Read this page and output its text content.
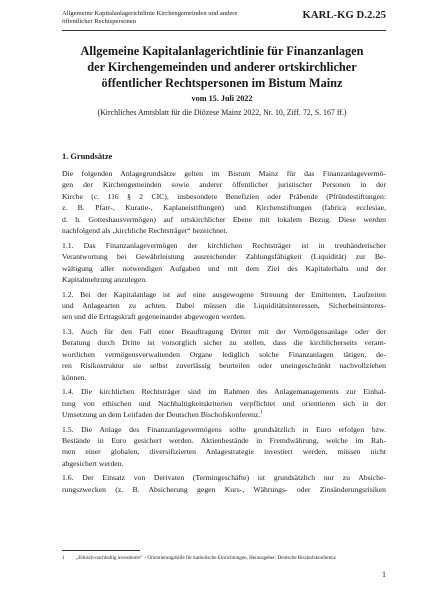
Allgemeine Kapitalanlagerichtlinie Kirchengemeinden und andere
öffentlicher Rechtspersonen
KARL-KG D.2.25
Allgemeine Kapitalanlagerichtlinie für Finanzanlagen
der Kirchengemeinden und anderer ortskirchlicher
öffentlicher Rechtspersonen im Bistum Mainz
vom 15. Juli 2022
(Kirchliches Amtsblatt für die Diözese Mainz 2022, Nr. 10, Ziff. 72, S. 167 ff.)
1. Grundsätze

Die folgenden Anlagegrundsätze gelten im Bistum Mainz für das Finanzanlagevermö-
gen der Kirchengemeinden sowie anderer öffentlicher juristischer Personen in der
Kirche (c. 116 § 2 CIC), insbesondere Benefizien oder Präbende (Pfründestiftungen:
z. B. Pfarr-, Kuratie-, Kaplaneistiftungen) und Kirchenstiftungen (fabrica ecclesiae,
d. h. Gotteshausvermögen) auf ortskirchlicher Ebene mit lokalem Bezug. Diese werden
nachfolgend als „kirchliche Rechtsträger“ bezeichnet.

1.1. Das Finanzanlagevermögen der kirchlichen Rechtsträger ist in treuhänderischer
Verantwortung bei Gewährleistung ausreichender Zahlungsfähigkeit (Liquidität) zur Be-
wältigung aller notwendigen Aufgaben und mit dem Ziel des Kapitalerhalts und der
Kapitalmehrung anzulegen.

1.2. Bei der Kapitalanlage ist auf eine ausgewogene Streuung der Emittenten, Laufzeiten
und Anlagearten zu achten. Dabei müssen die Liquiditätsinteressen, Sicherheitsinteres-
sen und die Ertragskraft gegeneinander abgewogen werden.

1.3. Auch für den Fall einer Beauftragung Dritter mit der Vermögensanlage oder der
Beratung durch Dritte ist vorsorglich sicher zu stellen, dass die kirchlicherseits verant-
wortlichen vermögensverwaltenden Organe lediglich solche Finanzanlagen tätigen, de-
ren Risikostruktur sie selbst zuverlässig beurteilen oder uneingeschränkt nachvollziehen
können.

1.4. Die kirchlichen Rechtsträger sind im Rahmen des Anlagemanagements zur Einhal-
tung von ethischen und Nachhaltigkeitskriterien verpflichtet und orientieren sich in der
Umsetzung an dem Leitfaden der Deutschen Bischofskonferenz.$^1$

1.5. Die Anlage des Finanzanlagevermögens sollte grundsätzlich in Euro erfolgen bzw.
Bestände in Euro gesichert werden. Aktienbestände in Fremdwährung, welche im Rah-
men einer globalen, diversifizierten Anlagestrategie investiert werden, müssen nicht
abgesichert werden.

1.6. Der Einsatz von Derivaten (Termingeschäfte) ist grundsätzlich nur zu Absiche-
rungszwecken (z. B. Absicherung gegen Kurs-, Währungs- oder Zinsänderungsrisiken

1 „Ethisch-nachhaltig investieren“ – Orientierungshilfe für katholische Einrichtungen, Herausgeber: Deutsche Bischofskonferenz
1
